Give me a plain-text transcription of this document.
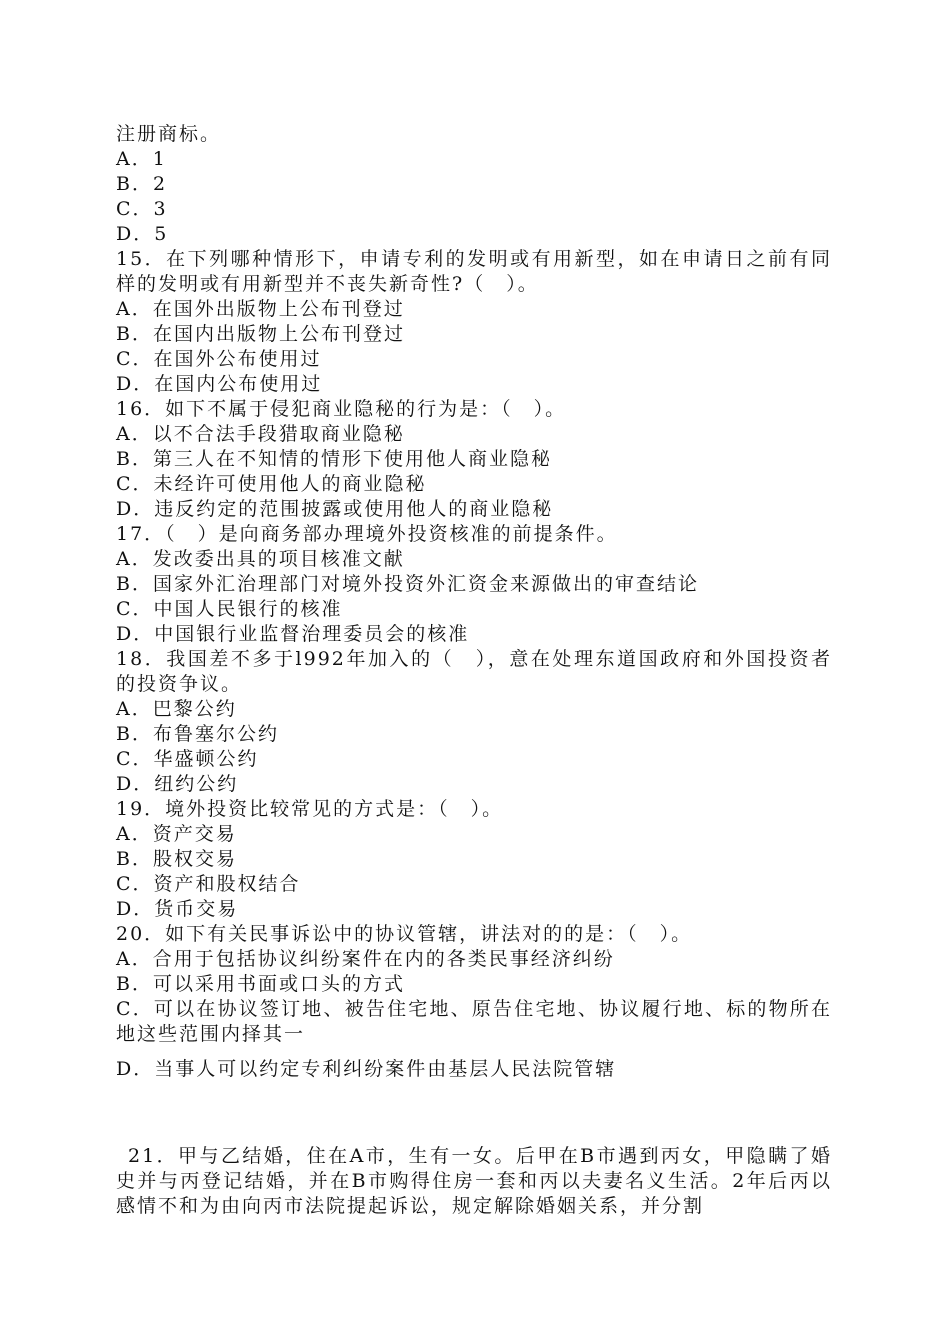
注册商标。
A．1
B．2
C．3
D．5
15．在下列哪种情形下，申请专利的发明或有用新型，如在申请日之前有同样的发明或有用新型并不丧失新奇性?（　）。
A．在国外出版物上公布刊登过
B．在国内出版物上公布刊登过
C．在国外公布使用过
D．在国内公布使用过
16．如下不属于侵犯商业隐秘的行为是：（　）。
A．以不合法手段猎取商业隐秘
B．第三人在不知情的情形下使用他人商业隐秘
C．未经许可使用他人的商业隐秘
D．违反约定的范围披露或使用他人的商业隐秘
17．（　）是向商务部办理境外投资核准的前提条件。
A．发改委出具的项目核准文献
B．国家外汇治理部门对境外投资外汇资金来源做出的审查结论
C．中国人民银行的核准
D．中国银行业监督治理委员会的核准
18．我国差不多于l992年加入的（　），意在处理东道国政府和外国投资者的投资争议。
A．巴黎公约
B．布鲁塞尔公约
C．华盛顿公约
D．纽约公约
19．境外投资比较常见的方式是：（　）。
A．资产交易
B．股权交易
C．资产和股权结合
D．货币交易
20．如下有关民事诉讼中的协议管辖，讲法对的的是：（　）。
A．合用于包括协议纠纷案件在内的各类民事经济纠纷
B．可以采用书面或口头的方式
C．可以在协议签订地、被告住宅地、原告住宅地、协议履行地、标的物所在地这些范围内择其一
D．当事人可以约定专利纠纷案件由基层人民法院管辖
21．甲与乙结婚，住在A市，生有一女。后甲在B市遇到丙女，甲隐瞒了婚史并与丙登记结婚，并在B市购得住房一套和丙以夫妻名义生活。2年后丙以感情不和为由向丙市法院提起诉讼，规定解除婚姻关系，并分割
